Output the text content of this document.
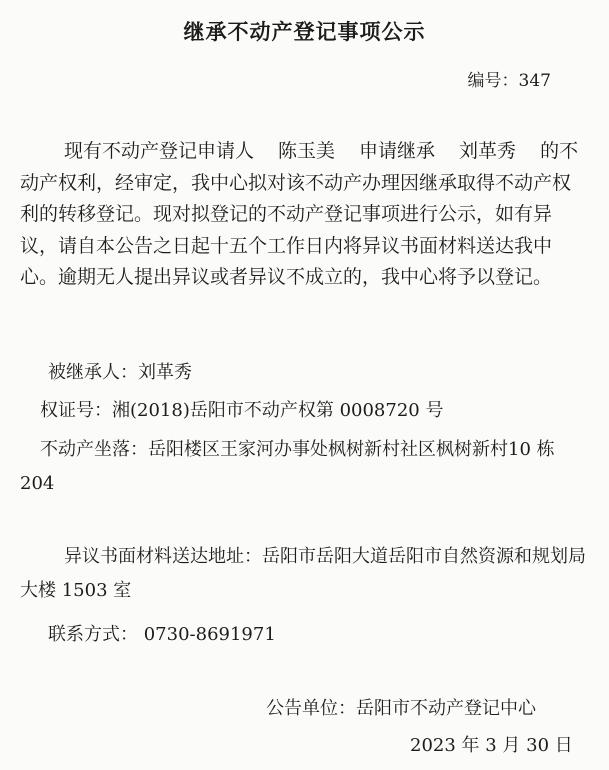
继承不动产登记事项公示
编号：347
现有不动产登记申请人 陈玉美 申请继承 刘革秀 的不动产权利，经审定，我中心拟对该不动产办理因继承取得不动产权利的转移登记。现对拟登记的不动产登记事项进行公示，如有异议，请自本公告之日起十五个工作日内将异议书面材料送达我中心。逾期无人提出异议或者异议不成立的，我中心将予以登记。
被继承人：刘革秀
权证号：湘(2018)岳阳市不动产权第 0008720 号
不动产坐落：岳阳楼区王家河办事处枫树新村社区枫树新村10 栋 204
异议书面材料送达地址：岳阳市岳阳大道岳阳市自然资源和规划局大楼 1503 室
联系方式： 0730-8691971
公告单位：岳阳市不动产登记中心
2023 年 3 月 30 日
